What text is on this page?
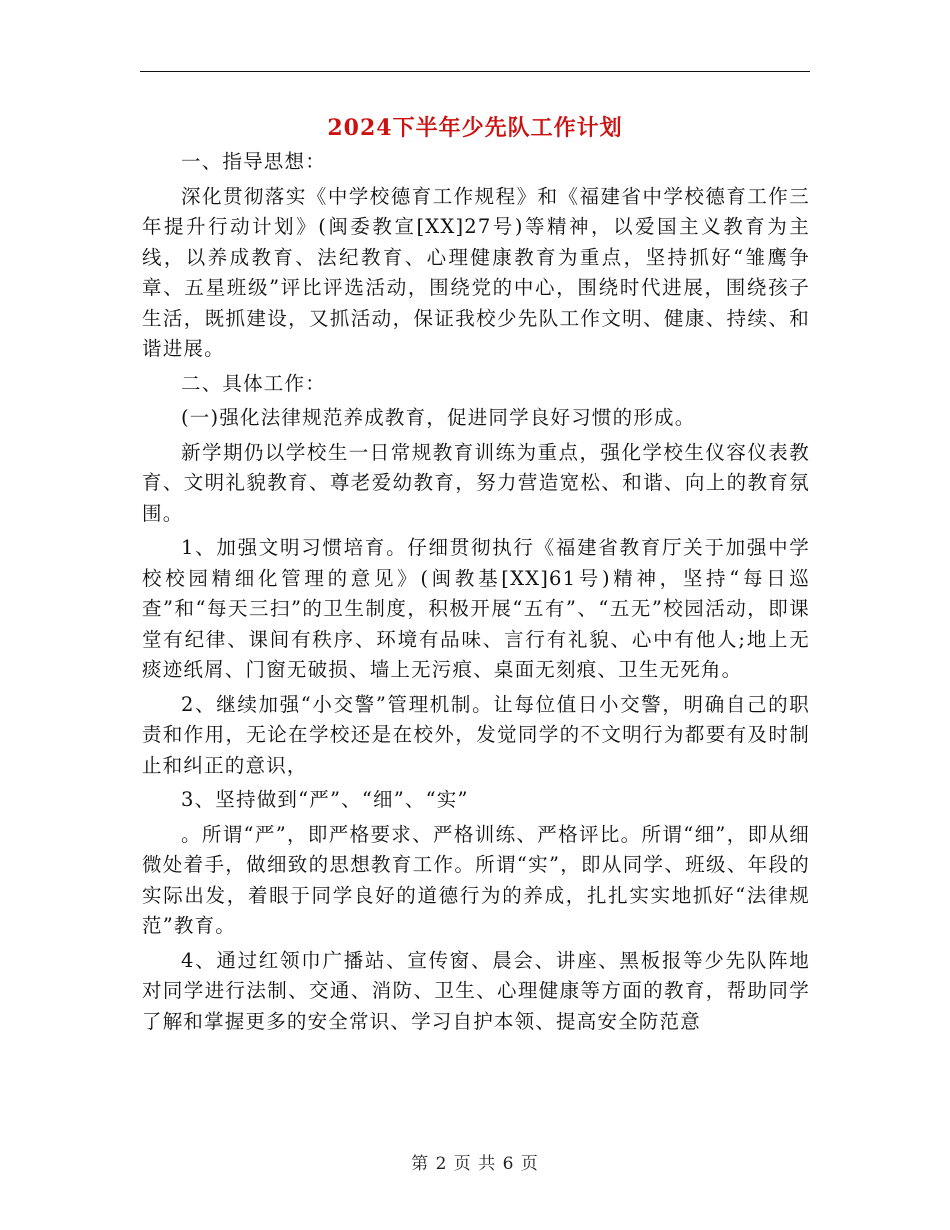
2024下半年少先队工作计划

一、指导思想：

深化贯彻落实《中学校德育工作规程》和《福建省中学校德育工作三年提升行动计划》(闽委教宣[XX]27号)等精神，以爱国主义教育为主线，以养成教育、法纪教育、心理健康教育为重点，坚持抓好“雏鹰争章、五星班级”评比评选活动，围绕党的中心，围绕时代进展，围绕孩子生活，既抓建设，又抓活动，保证我校少先队工作文明、健康、持续、和谐进展。

二、具体工作：

(一)强化法律规范养成教育，促进同学良好习惯的形成。

新学期仍以学校生一日常规教育训练为重点，强化学校生仪容仪表教育、文明礼貌教育、尊老爱幼教育，努力营造宽松、和谐、向上的教育氛围。

1、加强文明习惯培育。仔细贯彻执行《福建省教育厅关于加强中学校校园精细化管理的意见》(闽教基[XX]61号)精神，坚持“每日巡查”和“每天三扫”的卫生制度，积极开展“五有”、“五无”校园活动，即课堂有纪律、课间有秩序、环境有品味、言行有礼貌、心中有他人;地上无痰迹纸屑、门窗无破损、墙上无污痕、桌面无刻痕、卫生无死角。

2、继续加强“小交警”管理机制。让每位值日小交警，明确自己的职责和作用，无论在学校还是在校外，发觉同学的不文明行为都要有及时制止和纠正的意识，

3、坚持做到“严”、“细”、“实”

。所谓“严”，即严格要求、严格训练、严格评比。所谓“细”，即从细微处着手，做细致的思想教育工作。所谓“实”，即从同学、班级、年段的实际出发，着眼于同学良好的道德行为的养成，扎扎实实地抓好“法律规范”教育。

4、通过红领巾广播站、宣传窗、晨会、讲座、黑板报等少先队阵地对同学进行法制、交通、消防、卫生、心理健康等方面的教育，帮助同学了解和掌握更多的安全常识、学习自护本领、提高安全防范意

第 2 页 共 6 页
